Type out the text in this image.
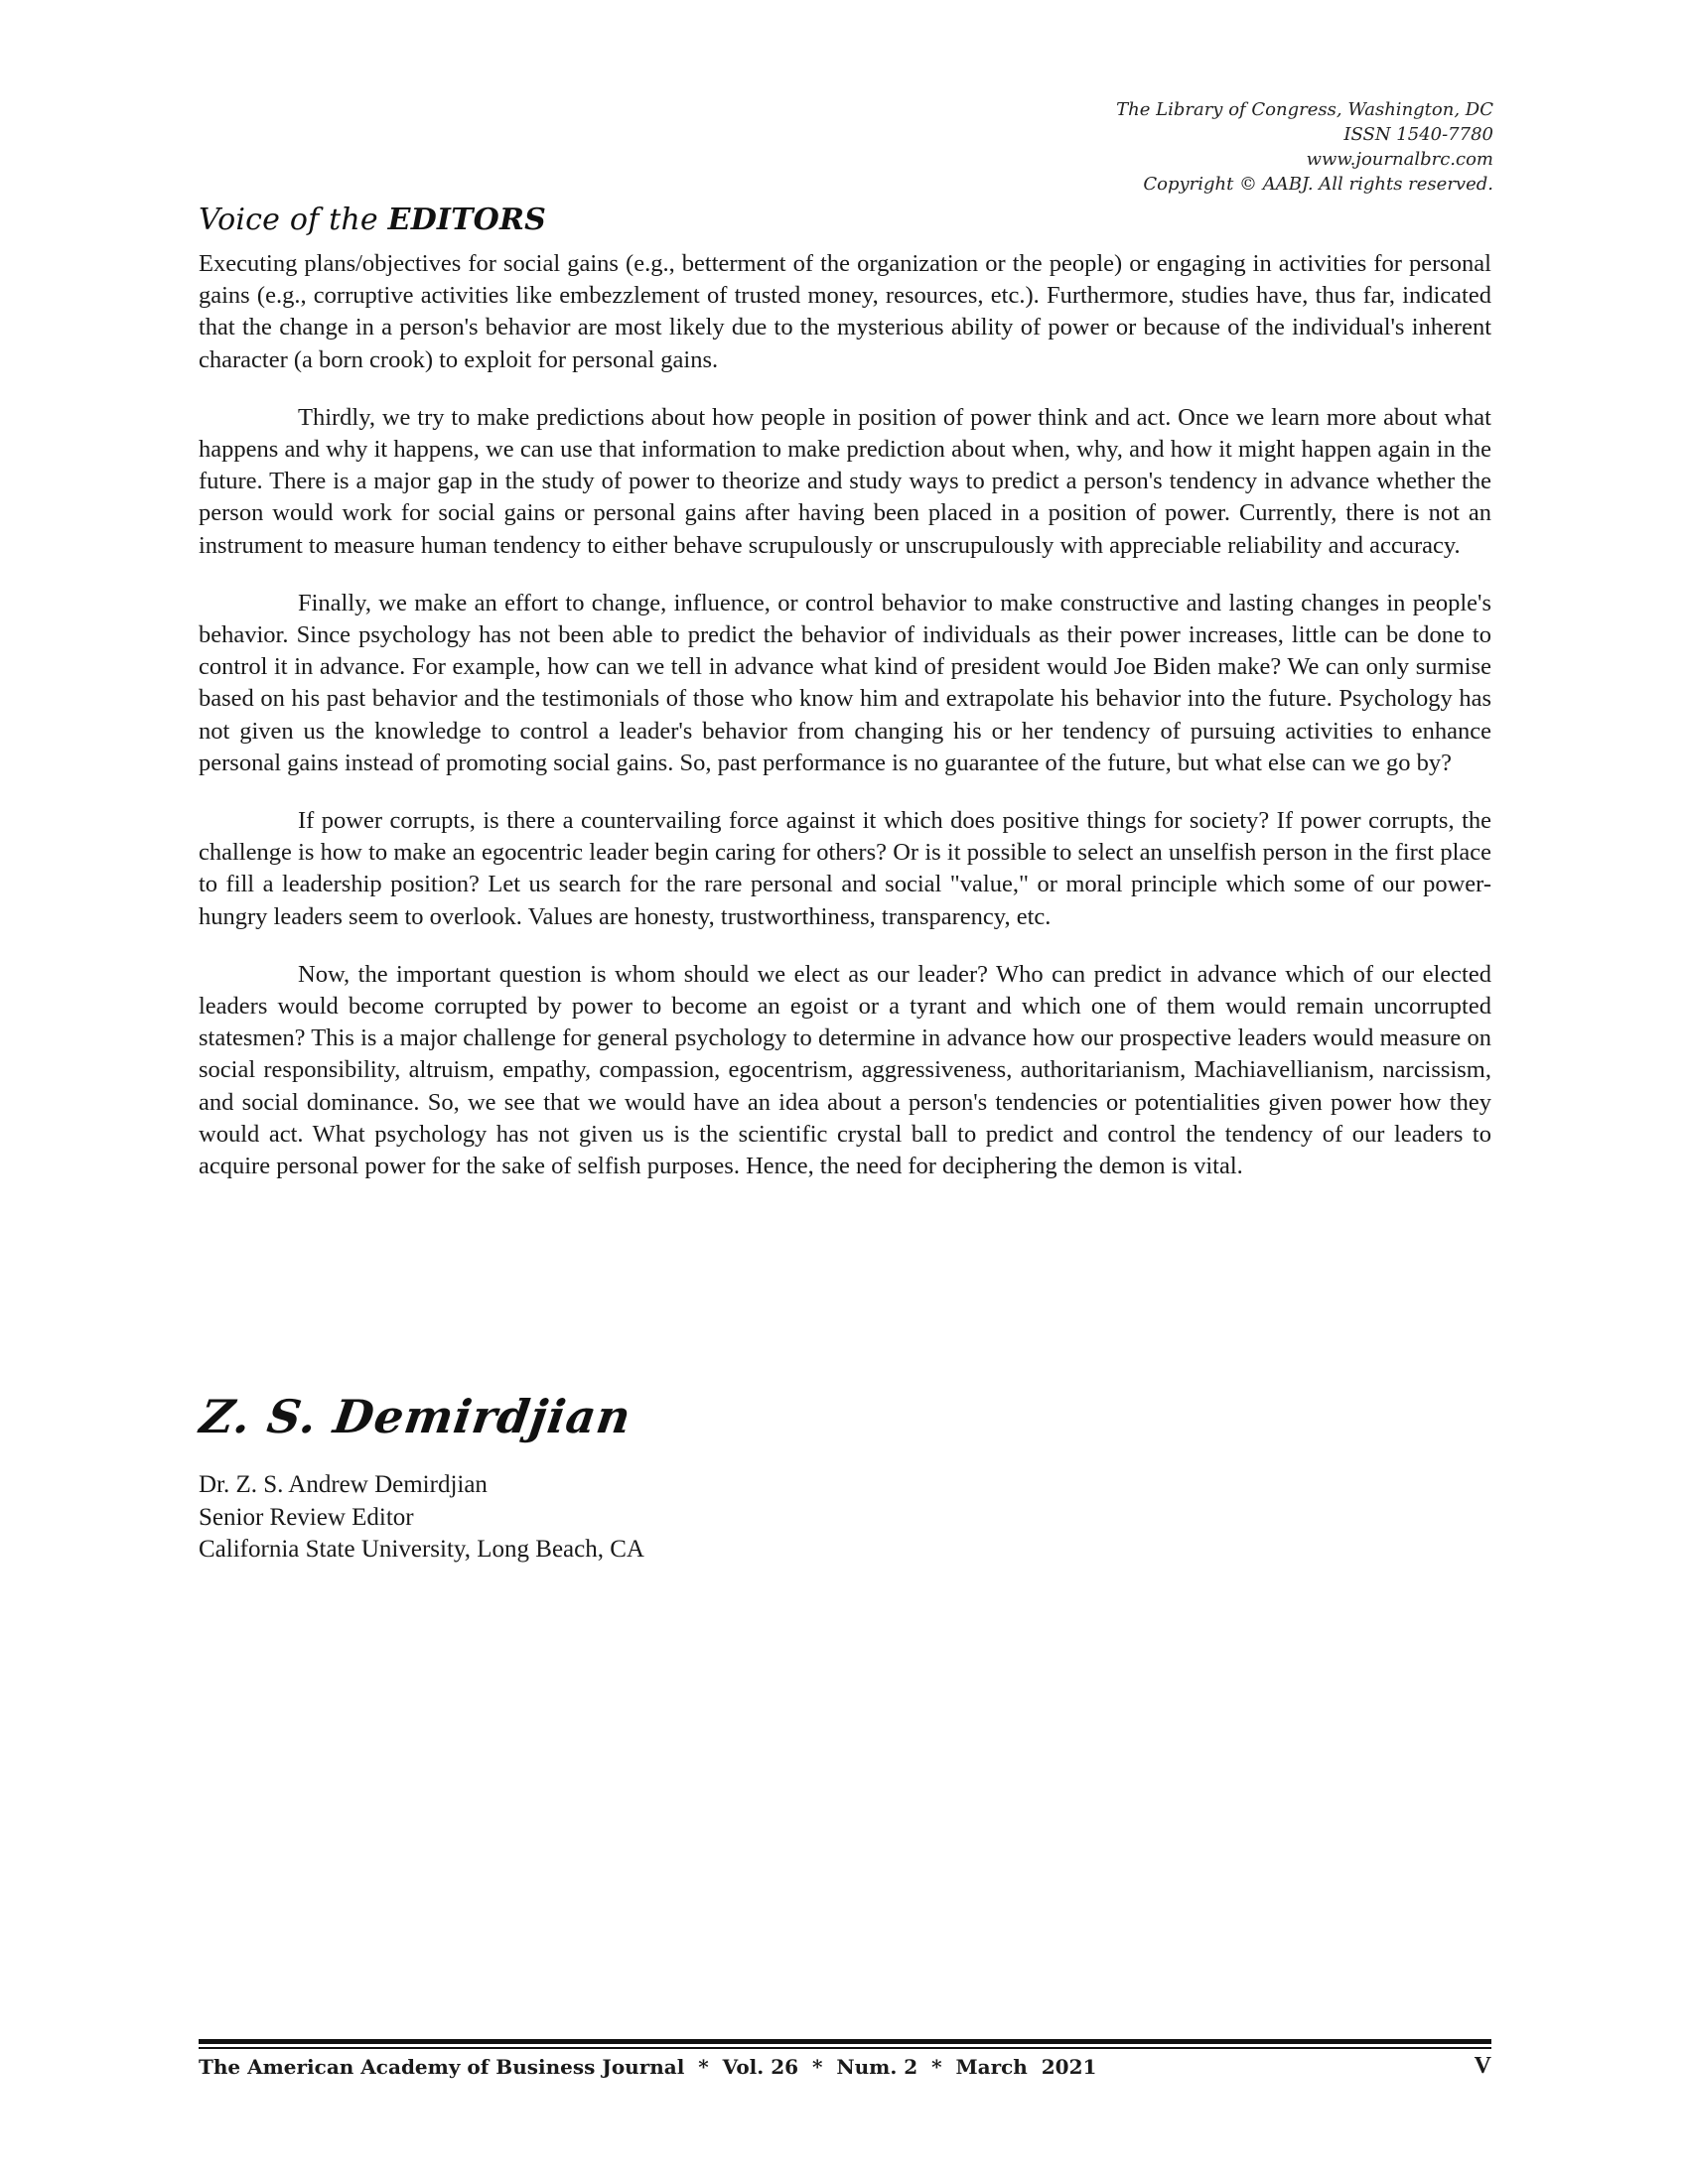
The Library of Congress, Washington, DC
ISSN 1540-7780
www.journalbrc.com
Copyright © AABJ. All rights reserved.
Voice of the EDITORS

Executing plans/objectives for social gains (e.g., betterment of the organization or the people) or engaging in activities for personal gains (e.g., corruptive activities like embezzlement of trusted money, resources, etc.). Furthermore, studies have, thus far, indicated that the change in a person's behavior are most likely due to the mysterious ability of power or because of the individual's inherent character (a born crook) to exploit for personal gains.

Thirdly, we try to make predictions about how people in position of power think and act. Once we learn more about what happens and why it happens, we can use that information to make prediction about when, why, and how it might happen again in the future. There is a major gap in the study of power to theorize and study ways to predict a person's tendency in advance whether the person would work for social gains or personal gains after having been placed in a position of power. Currently, there is not an instrument to measure human tendency to either behave scrupulously or unscrupulously with appreciable reliability and accuracy.

Finally, we make an effort to change, influence, or control behavior to make constructive and lasting changes in people's behavior. Since psychology has not been able to predict the behavior of individuals as their power increases, little can be done to control it in advance. For example, how can we tell in advance what kind of president would Joe Biden make? We can only surmise based on his past behavior and the testimonials of those who know him and extrapolate his behavior into the future. Psychology has not given us the knowledge to control a leader's behavior from changing his or her tendency of pursuing activities to enhance personal gains instead of promoting social gains. So, past performance is no guarantee of the future, but what else can we go by?

If power corrupts, is there a countervailing force against it which does positive things for society? If power corrupts, the challenge is how to make an egocentric leader begin caring for others? Or is it possible to select an unselfish person in the first place to fill a leadership position? Let us search for the rare personal and social "value," or moral principle which some of our power-hungry leaders seem to overlook. Values are honesty, trustworthiness, transparency, etc.

Now, the important question is whom should we elect as our leader? Who can predict in advance which of our elected leaders would become corrupted by power to become an egoist or a tyrant and which one of them would remain uncorrupted statesmen? This is a major challenge for general psychology to determine in advance how our prospective leaders would measure on social responsibility, altruism, empathy, compassion, egocentrism, aggressiveness, authoritarianism, Machiavellianism, narcissism, and social dominance. So, we see that we would have an idea about a person's tendencies or potentialities given power how they would act. What psychology has not given us is the scientific crystal ball to predict and control the tendency of our leaders to acquire personal power for the sake of selfish purposes. Hence, the need for deciphering the demon is vital.

Z. S. Demirdjian
Dr. Z. S. Andrew Demirdjian
Senior Review Editor
California State University, Long Beach, CA
The American Academy of Business Journal  *  Vol. 26  *  Num. 2  *  March  2021	V
